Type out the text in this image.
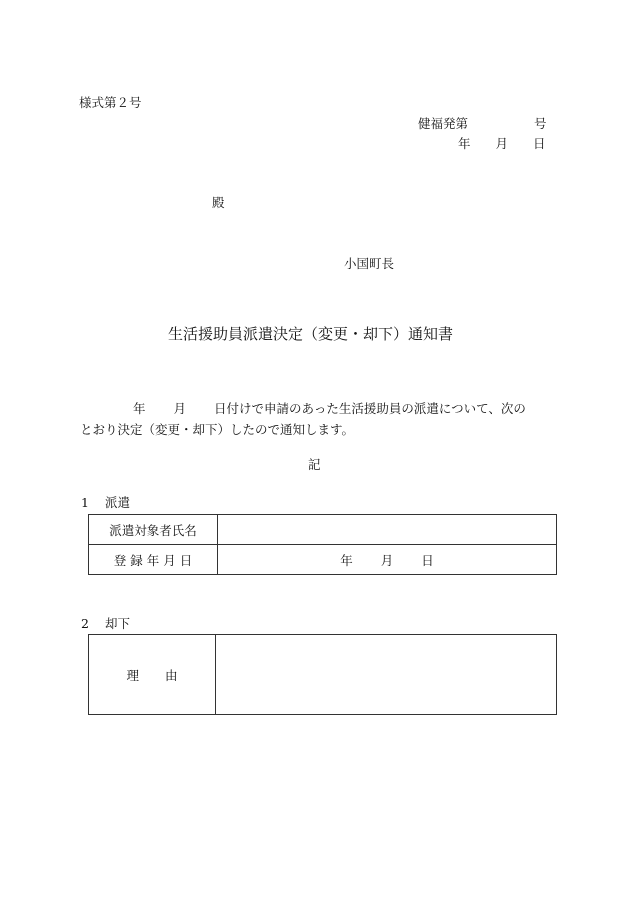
様式第２号
健福発第	号
年 月 日
殿
小国町長
生活援助員派遣決定（変更・却下）通知書
年 月 日付けで申請のあった生活援助員の派遣について、次の
とおり決定（変更・却下）したので通知します。
記
1 派遣
派遣対象者氏名	
登 録 年 月 日	年 月 日
2 却下
理 由	
